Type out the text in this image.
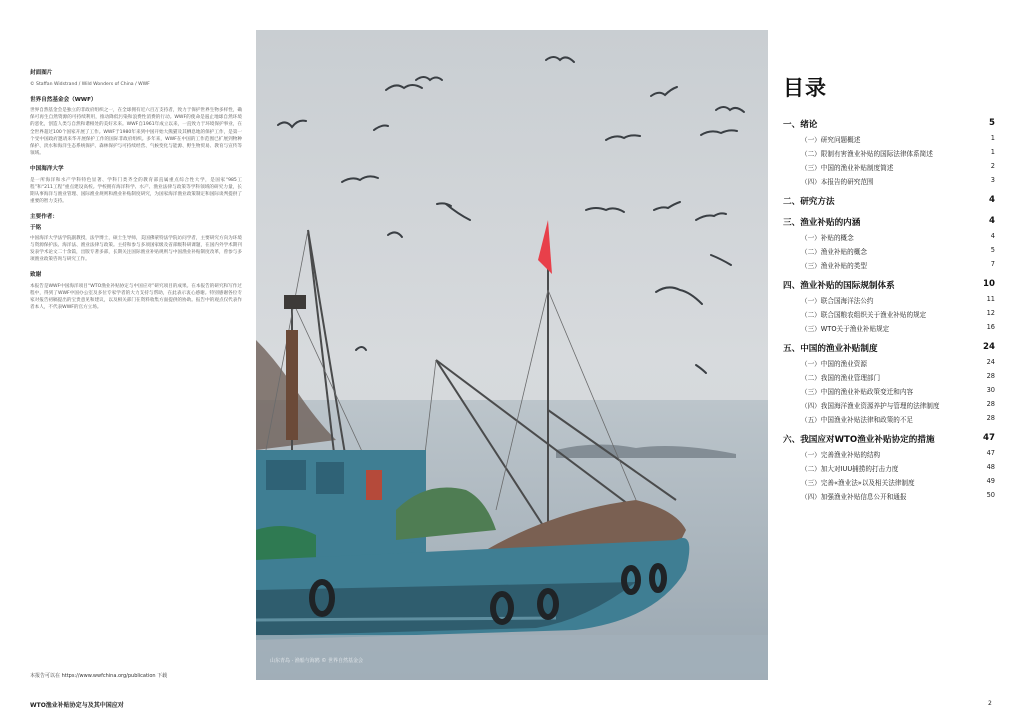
封面图片
© Staffan Widstrand / Wild Wonders of China / WWF
世界自然基金会（WWF）
世界自然基金会是独立的非政府组织之一，在全球拥有近六百万支持者，致力于保护世界生物多样性，确保可再生自然资源的可持续利用，推动降低污染和浪费性消费的行动。WWF的使命是遏止地球自然环境的恶化，创造人类与自然和谐相处的美好未来。WWF自1961年成立以来，一直致力于环境保护事业，在全世界超过100个国家开展了工作。WWF于1980年来到中国开始大熊猫及其栖息地的保护工作，是第一个受中国政府邀请来华开展保护工作的国际非政府组织。多年来，WWF在中国的工作范围已扩展到物种保护、淡水和海洋生态系统保护、森林保护与可持续经营、气候变化与能源、野生物贸易、教育与宣传等领域。
中国海洋大学
是一所海洋和水产学科特色显著、学科门类齐全的教育部直属重点综合性大学，是国家“985工程”和“211工程”重点建设高校。学校拥有海洋科学、水产、渔业法律与政策等学科领域的研究力量，长期从事海洋与渔业管理、国际渔业规则和渔业补贴制度研究，为国家海洋渔业政策制定和国际谈判提供了重要的智力支持。
主要作者：
于铭
中国海洋大学法学院副教授，法学博士，硕士生导师，美国佛蒙特法学院访问学者，主要研究方向为环境与资源保护法、海洋法、渔业法律与政策。主持和参与多项国家级及省部级科研课题，在国内外学术期刊发表学术论文二十余篇，出版专著多部，长期关注国际渔业补贴规则与中国渔业补贴制度改革，曾参与多项渔业政策咨询与研究工作。
致谢
本报告是WWF中国海洋项目“WTO渔业补贴协定与中国应对”研究项目的成果。在本报告的研究和写作过程中，得到了WWF中国办公室及多位专家学者的大力支持与帮助，在此表示衷心感谢。特别感谢各位专家对报告初稿提出的宝贵意见和建议，以及相关部门在资料收集方面提供的协助。报告中的观点仅代表作者本人，不代表WWF的官方立场。
本报告可以在 https://www.wwfchina.org/publication 下载
WTO渔业补贴协定与及其中国应对	2
山东青岛 · 渔船与海鸥 © 世界自然基金会
目录
一、绪论	5
（一）研究问题概述	1
（二）限制有害渔业补贴的国际法律体系简述	1
（三）中国的渔业补贴制度简述	2
（四）本报告的研究范围	3
二、研究方法	4
三、渔业补贴的内涵	4
（一）补贴的概念	4
（二）渔业补贴的概念	5
（三）渔业补贴的类型	7
四、渔业补贴的国际规制体系	10
（一）联合国海洋法公约	11
（二）联合国粮农组织关于渔业补贴的规定	12
（三）WTO关于渔业补贴规定	16
五、中国的渔业补贴制度	24
（一）中国的渔业资源	24
（二）我国的渔业管理部门	28
（三）中国的渔业补贴政策变迁和内容	30
（四）我国海洋渔业资源养护与管理的法律制度	28
（五）中国渔业补贴法律和政策的不足	28
六、我国应对WTO渔业补贴协定的措施	47
（一）完善渔业补贴的结构	47
（二）加大对IUU捕捞的打击力度	48
（三）完善«渔业法»以及相关法律制度	49
（四）加强渔业补贴信息公开和通报	50
